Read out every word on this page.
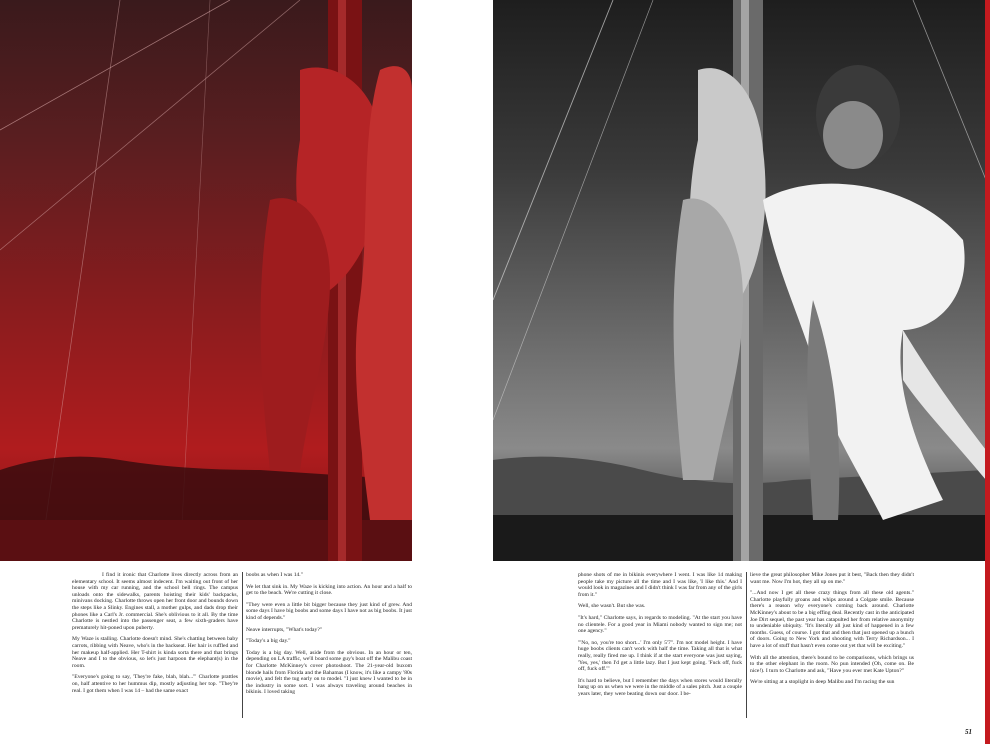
I find it ironic that Charlotte lives directly across from an elementary school. It seems almost indecent. I'm waiting out front of her house with my car running, and the school bell rings. The campus unloads onto the sidewalks, parents hoisting their kids' backpacks, minivans docking. Charlotte throws open her front door and bounds down the steps like a Slinky. Engines stall, a mother gulps, and dads drop their phones like a Carl's Jr. commercial. She's oblivious to it all. By the time Charlotte is nestled into the passenger seat, a few sixth-graders have prematurely hit-poned upon puberty.

My Waze is stalling. Charlotte doesn't mind. She's chatting between baby carrots, ribbing with Neave, who's in the backseat. Her hair is ruffled and her makeup half-applied. Her T-shirt is kinda sorta there and that brings Neave and I to the obvious, so let's just harpoon the elephant(s) in the room.

"Everyone's going to say, 'They're fake, blah, blah...'" Charlotte prattles on, half attentive to her hummus dip, mostly adjusting her top. "They're real. I got them when I was 14 – had the same exact

boobs as when I was 14."

We let that sink in. My Waze is kicking into action. An hour and a half to get to the beach. We're cutting it close.

"They were even a little bit bigger because they just kind of grew. And some days I have big boobs and some days I have not as big boobs. It just kind of depends."

Neave interrupts, "What's today?"

"Today's a big day."

Today is a big day. Well, aside from the obvious. In an hour or ten, depending on LA traffic, we'll board some guy's boat off the Malibu coast for Charlotte McKinney's cover photoshoot. The 21-year-old buxom blonde hails from Florida and the Bahamas (I know, it's like a campy '80s movie), and felt the tug early on to model. "I just knew I wanted to be in the industry in some sort. I was always traveling around beaches in bikinis. I loved taking

phone shots of me in bikinis everywhere I went. I was like 14 making people take my picture all the time and I was like, 'I like this.' And I would look in magazines and I didn't think I was far from any of the girls from it."

Well, she wasn't. But she was.

"It's hard," Charlotte says, in regards to modeling. "At the start you have no clientele. For a good year in Miami nobody wanted to sign me; not one agency."

"'No, no, you're too short...' I'm only 5'7". I'm not model height. I have huge boobs clients can't work with half the time. Taking all that is what really, really fired me up. I think if at the start everyone was just saying, 'Yes, yes,' then I'd get a little lazy. But I just kept going. 'Fuck off, fuck off, fuck off.'"

It's hard to believe, but I remember the days when stores would literally hang up on us when we were in the middle of a sales pitch. Just a couple years later, they were beating down our door. I be-

lieve the great philosopher Mike Jones put it best, "Back then they didn't want me. Now I'm hot, they all up on me."

"...And now I get all these crazy things from all these old agents." Charlotte playfully groans and whips around a Colgate smile. Because there's a reason why everyone's coming back around. Charlotte McKinney's about to be a big effing deal. Recently cast in the anticipated Joe Dirt sequel, the past year has catapulted her from relative anonymity to undeniable ubiquity. "It's literally all just kind of happened in a few months. Guess, of course. I got that and then that just opened up a bunch of doors. Going to New York and shooting with Terry Richardson... I have a lot of stuff that hasn't even come out yet that will be exciting."

With all the attention, there's bound to be comparisons, which brings us to the other elephant in the room. No pun intended (Oh, come on. Be nice!). I turn to Charlotte and ask, "Have you ever met Kate Upton?"

We're sitting at a stoplight in deep Malibu and I'm racing the sun

51
